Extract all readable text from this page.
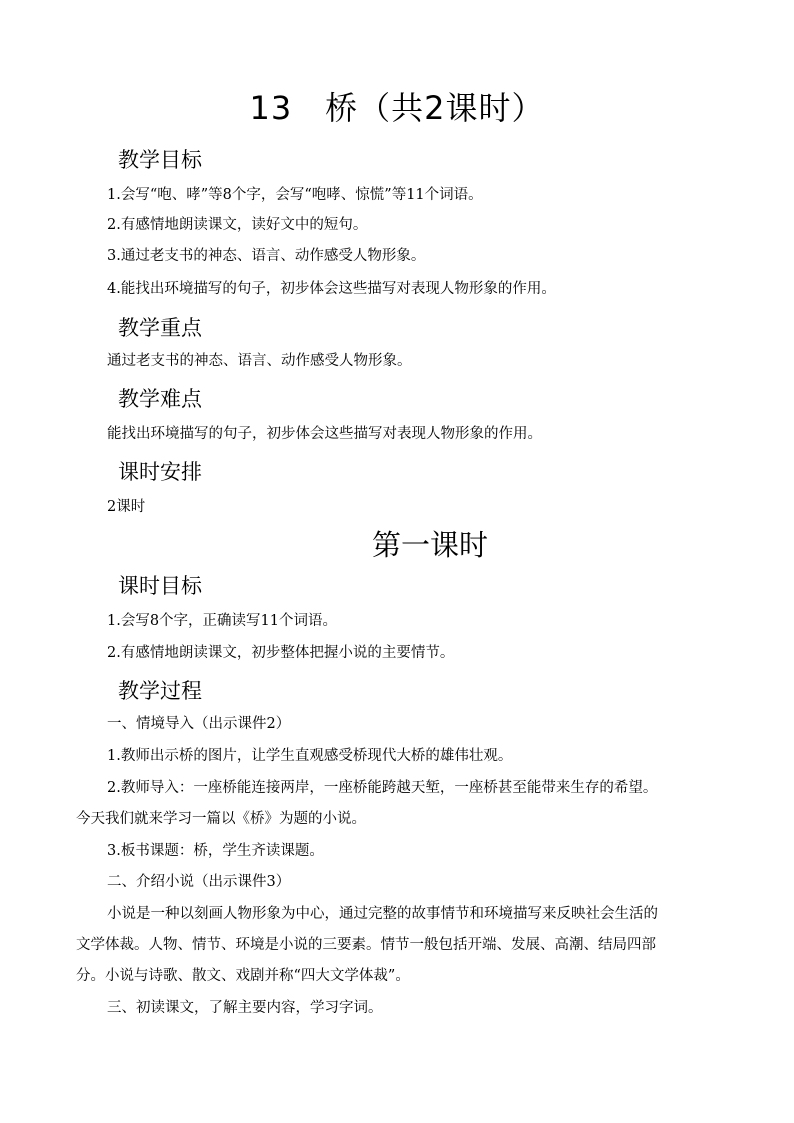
13　桥（共2课时）
教学目标
1.会写“咆、哮”等8个字，会写“咆哮、惊慌”等11个词语。
2.有感情地朗读课文，读好文中的短句。
3.通过老支书的神态、语言、动作感受人物形象。
4.能找出环境描写的句子，初步体会这些描写对表现人物形象的作用。
教学重点
通过老支书的神态、语言、动作感受人物形象。
教学难点
能找出环境描写的句子，初步体会这些描写对表现人物形象的作用。
课时安排
2课时
第一课时
课时目标
1.会写8个字，正确读写11个词语。
2.有感情地朗读课文，初步整体把握小说的主要情节。
教学过程
一、情境导入（出示课件2）
1.教师出示桥的图片，让学生直观感受桥现代大桥的雄伟壮观。
2.教师导入：一座桥能连接两岸，一座桥能跨越天堑，一座桥甚至能带来生存的希望。
今天我们就来学习一篇以《桥》为题的小说。
3.板书课题：桥，学生齐读课题。
二、介绍小说（出示课件3）
小说是一种以刻画人物形象为中心，通过完整的故事情节和环境描写来反映社会生活的
文学体裁。人物、情节、环境是小说的三要素。情节一般包括开端、发展、高潮、结局四部
分。小说与诗歌、散文、戏剧并称“四大文学体裁”。
三、初读课文，了解主要内容，学习字词。
